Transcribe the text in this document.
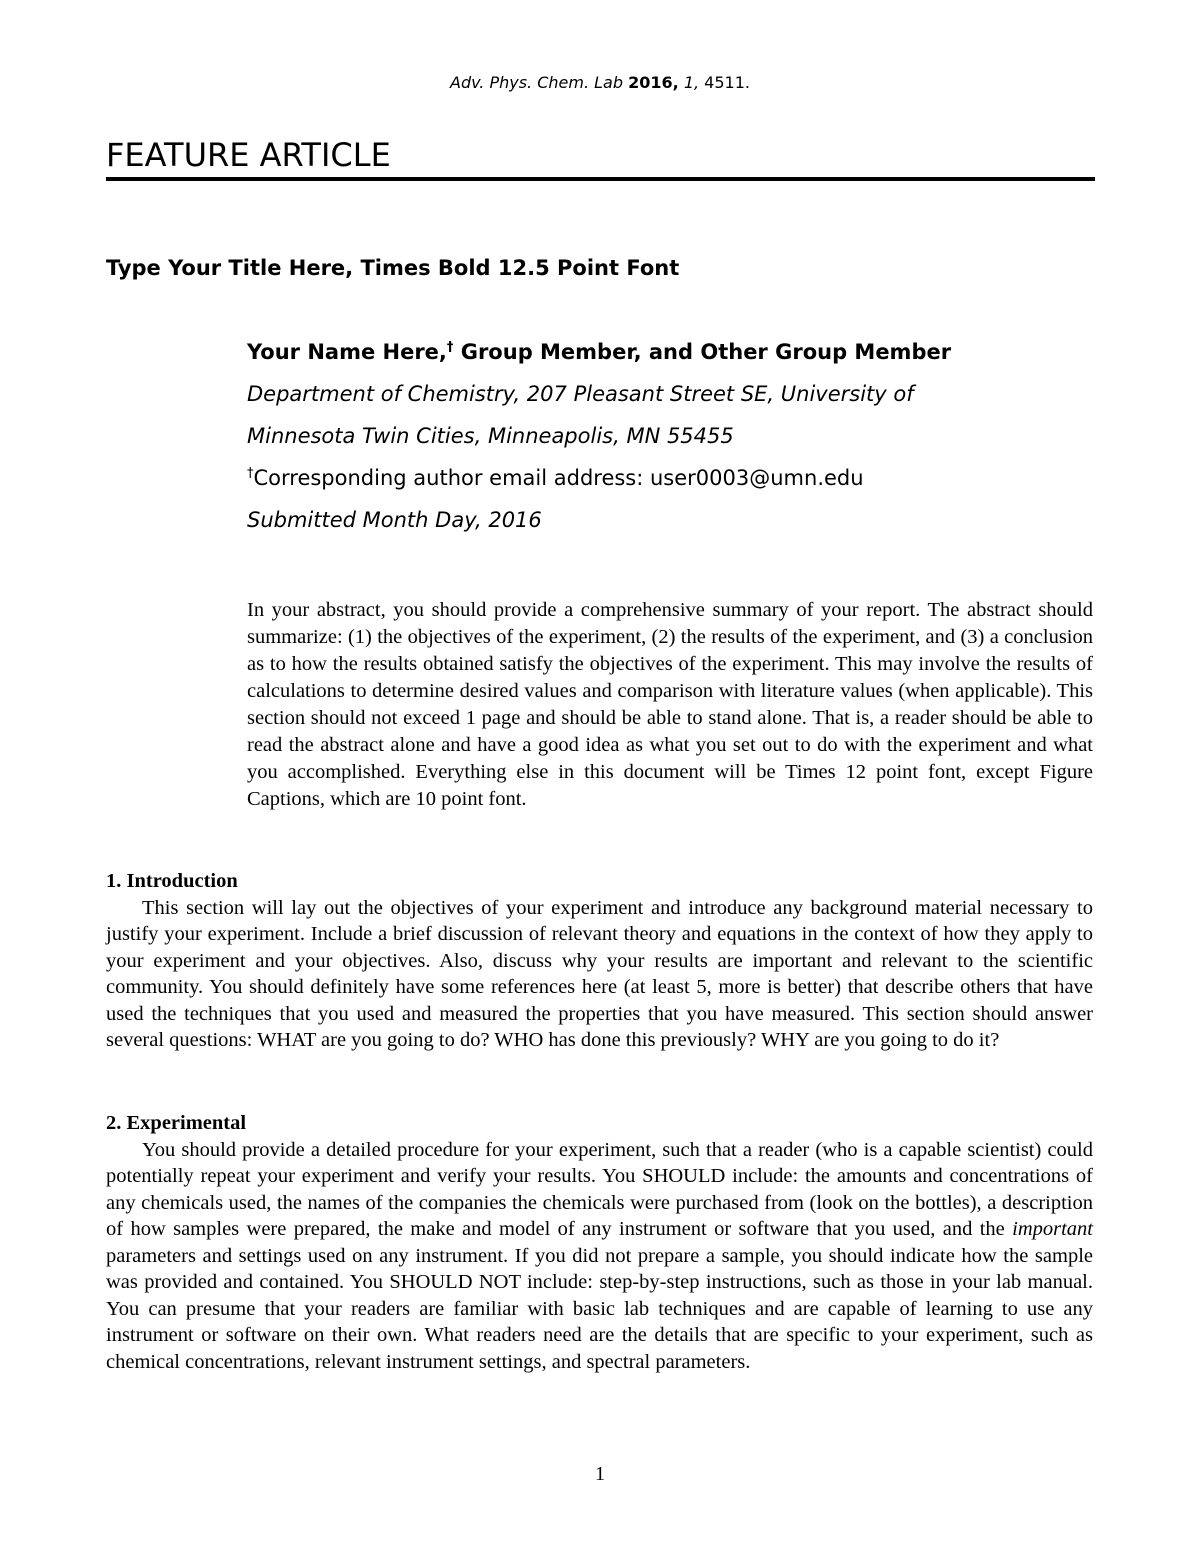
Adv. Phys. Chem. Lab 2016, 1, 4511.
FEATURE ARTICLE
Type Your Title Here, Times Bold 12.5 Point Font
Your Name Here,† Group Member, and Other Group Member
Department of Chemistry, 207 Pleasant Street SE, University of
Minnesota Twin Cities, Minneapolis, MN 55455
†Corresponding author email address: user0003@umn.edu
Submitted Month Day, 2016

In your abstract, you should provide a comprehensive summary of your report. The abstract should summarize: (1) the objectives of the experiment, (2) the results of the experiment, and (3) a conclusion as to how the results obtained satisfy the objectives of the experiment. This may involve the results of calculations to determine desired values and comparison with literature values (when applicable). This section should not exceed 1 page and should be able to stand alone. That is, a reader should be able to read the abstract alone and have a good idea as what you set out to do with the experiment and what you accomplished. Everything else in this document will be Times 12 point font, except Figure Captions, which are 10 point font.

1. Introduction

This section will lay out the objectives of your experiment and introduce any background material necessary to justify your experiment. Include a brief discussion of relevant theory and equations in the context of how they apply to your experiment and your objectives. Also, discuss why your results are important and relevant to the scientific community. You should definitely have some references here (at least 5, more is better) that describe others that have used the techniques that you used and measured the properties that you have measured. This section should answer several questions: WHAT are you going to do? WHO has done this previously? WHY are you going to do it?

2. Experimental

You should provide a detailed procedure for your experiment, such that a reader (who is a capable scientist) could potentially repeat your experiment and verify your results. You SHOULD include: the amounts and concentrations of any chemicals used, the names of the companies the chemicals were purchased from (look on the bottles), a description of how samples were prepared, the make and model of any instrument or software that you used, and the important parameters and settings used on any instrument. If you did not prepare a sample, you should indicate how the sample was provided and contained. You SHOULD NOT include: step-by-step instructions, such as those in your lab manual. You can presume that your readers are familiar with basic lab techniques and are capable of learning to use any instrument or software on their own. What readers need are the details that are specific to your experiment, such as chemical concentrations, relevant instrument settings, and spectral parameters.

1
